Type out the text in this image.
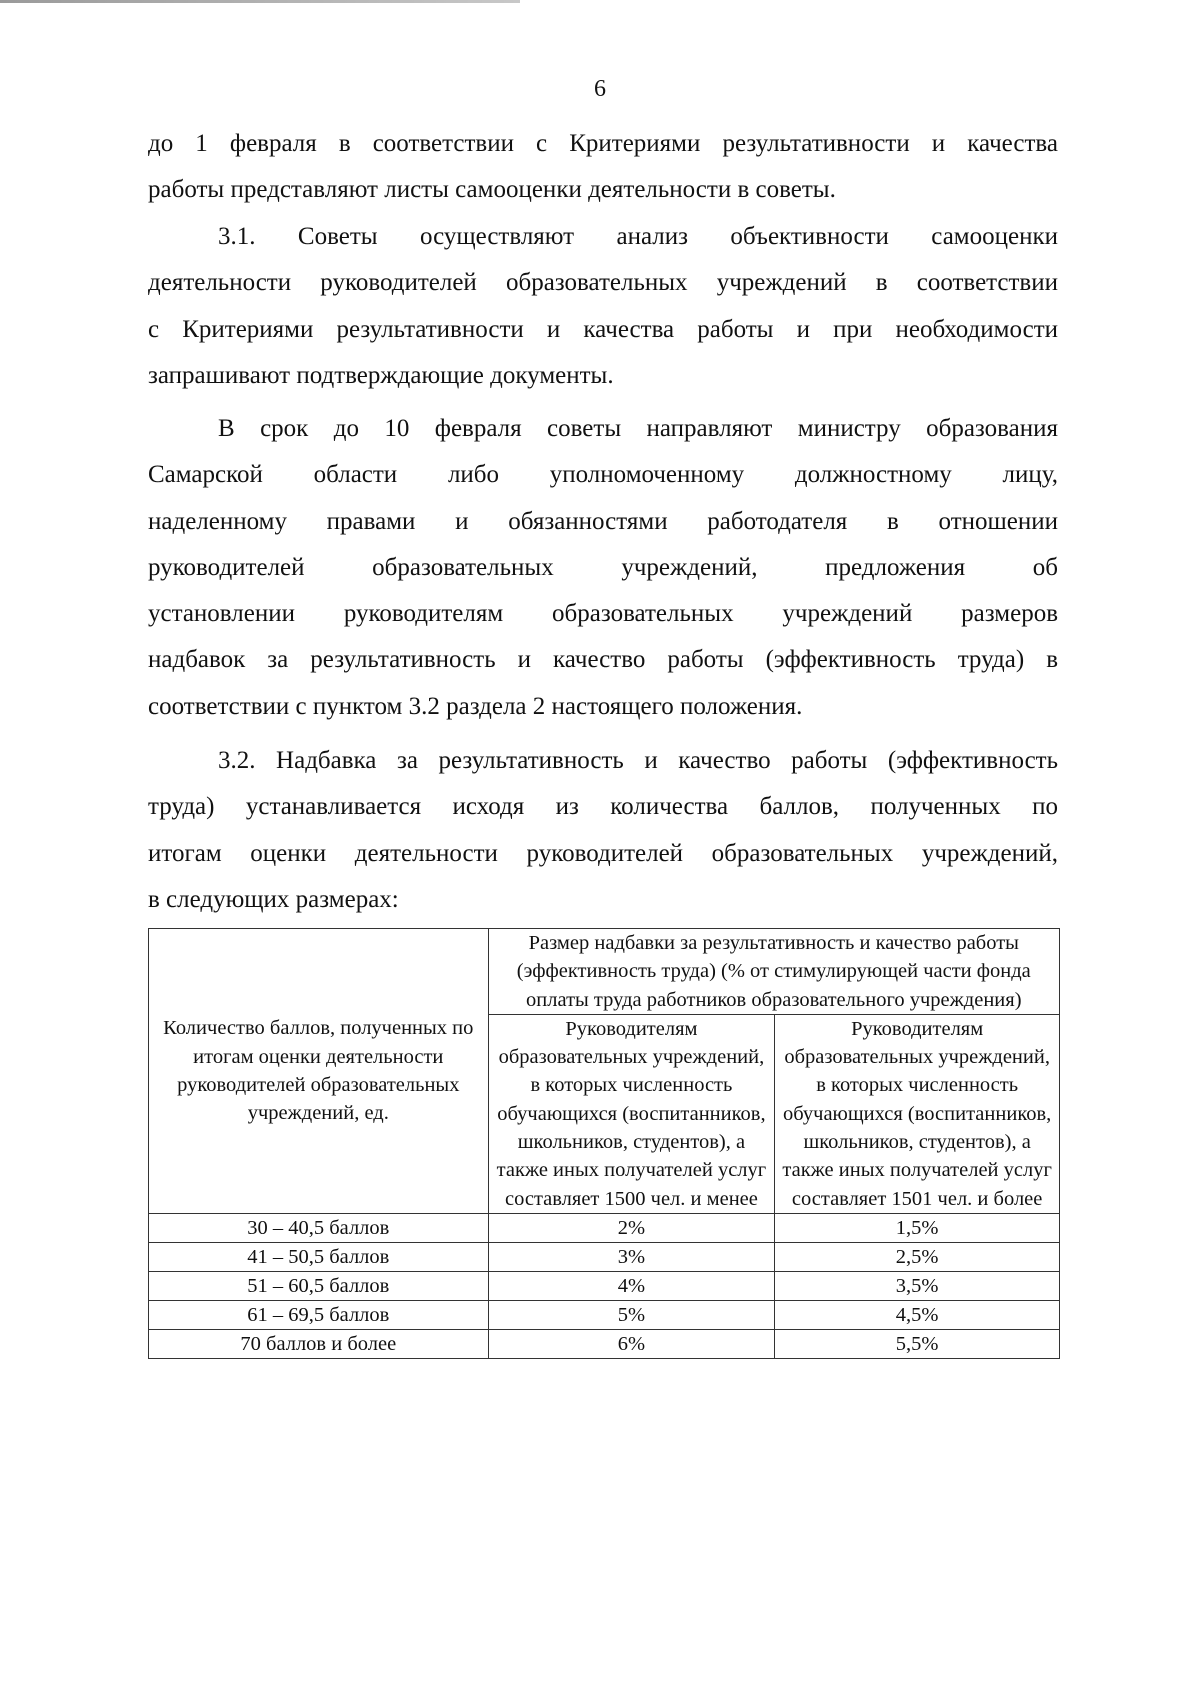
6

до 1 февраля в соответствии с Критериями результативности и качества

работы представляют листы самооценки деятельности в советы.

3.1. Советы осуществляют анализ объективности самооценки

деятельности руководителей образовательных учреждений в соответствии

с Критериями результативности и качества работы и при необходимости

запрашивают подтверждающие документы.

В срок до 10 февраля советы направляют министру образования

Самарской области либо уполномоченному должностному лицу,

наделенному правами и обязанностями работодателя в отношении

руководителей образовательных учреждений, предложения об

установлении руководителям образовательных учреждений размеров

надбавок за результативность и качество работы (эффективность труда) в

соответствии с пунктом 3.2 раздела 2 настоящего положения.

3.2. Надбавка за результативность и качество работы (эффективность

труда) устанавливается исходя из количества баллов, полученных по

итогам оценки деятельности руководителей образовательных учреждений,

в следующих размерах:

Количество баллов, полученных по итогам оценки деятельности руководителей образовательных учреждений, ед.	Размер надбавки за результативность и качество работы (эффективность труда) (% от стимулирующей части фонда оплаты труда работников образовательного учреждения)	
	Руководителям образовательных учреждений, в которых численность обучающихся (воспитанников, школьников, студентов), а также иных получателей услуг составляет 1500 чел. и менее	Руководителям образовательных учреждений, в которых численность обучающихся (воспитанников, школьников, студентов), а также иных получателей услуг составляет 1501 чел. и более
30 – 40,5 баллов	2%	1,5%
41 – 50,5 баллов	3%	2,5%
51 – 60,5 баллов	4%	3,5%
61 – 69,5 баллов	5%	4,5%
70 баллов и более	6%	5,5%
